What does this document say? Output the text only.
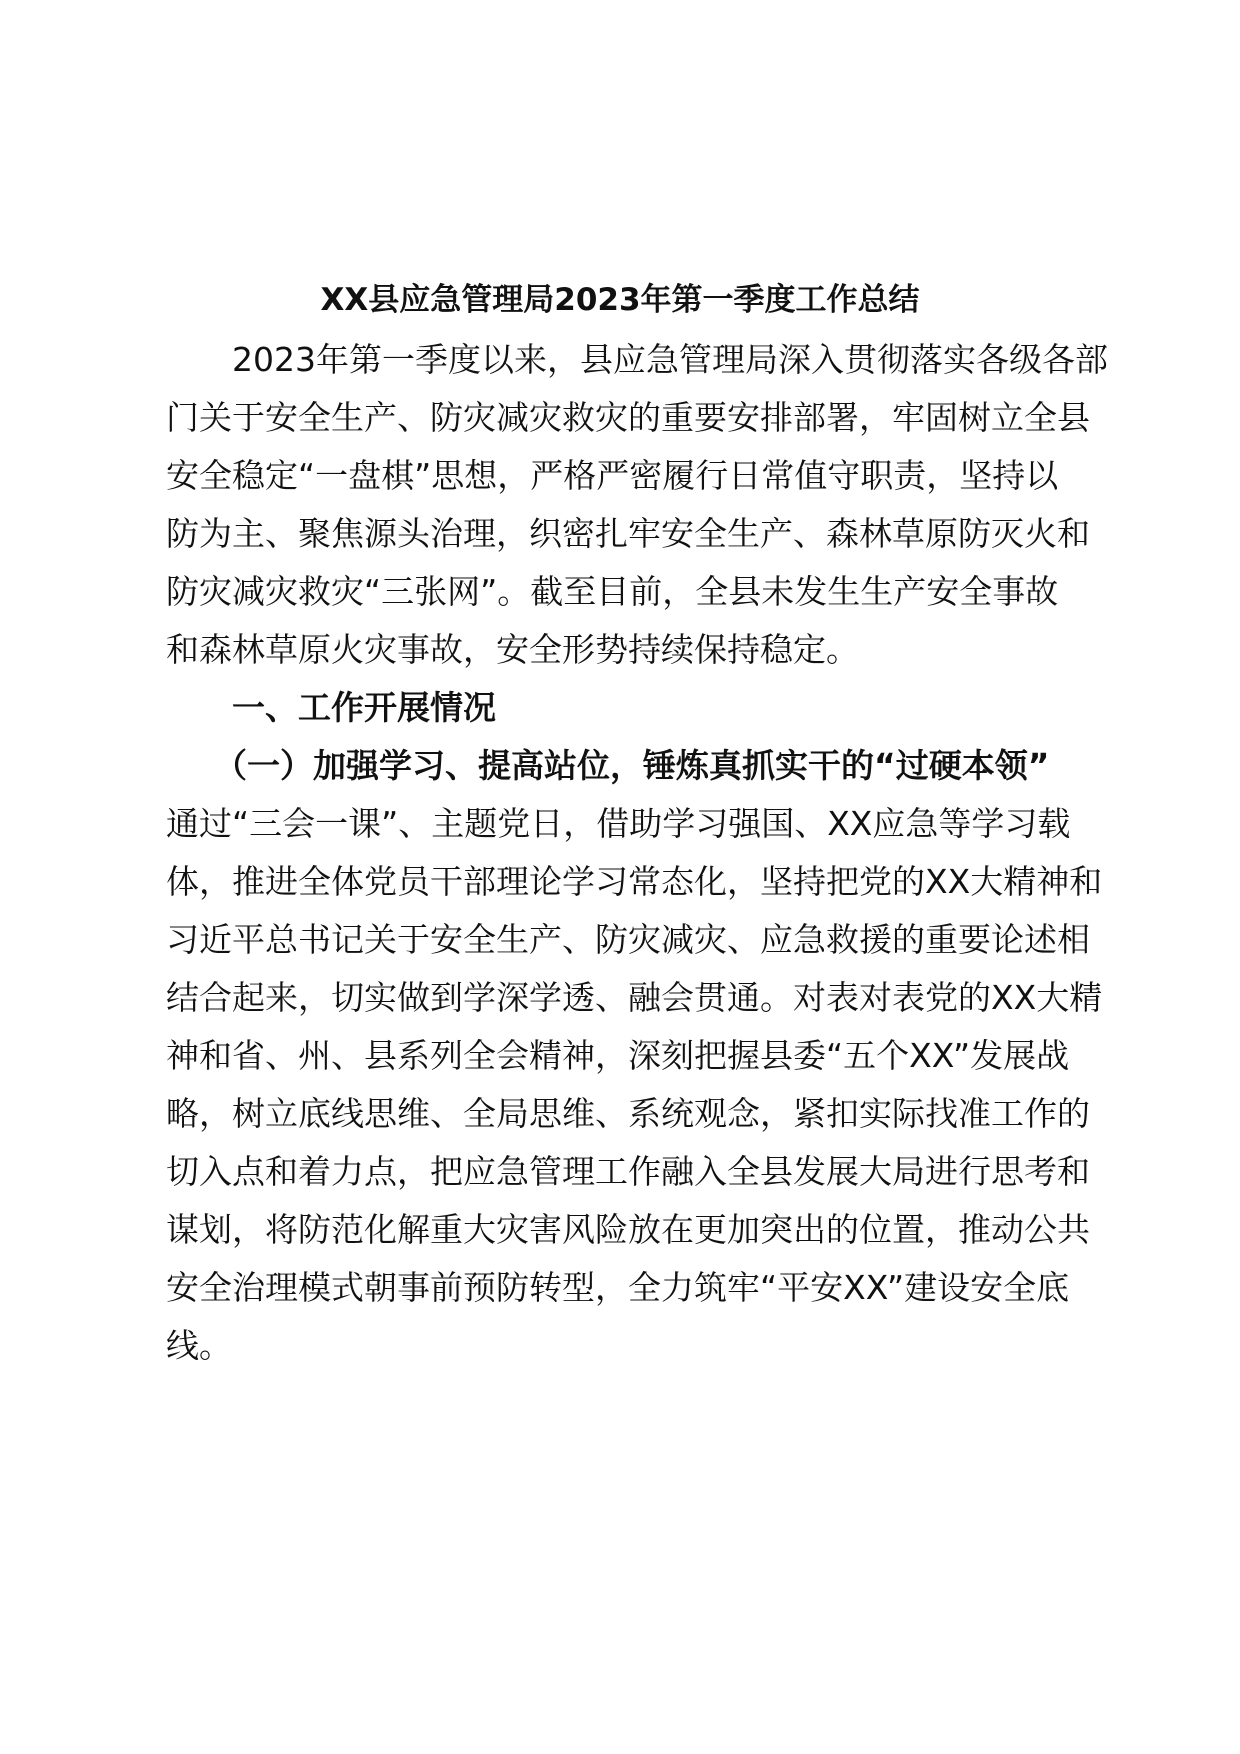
XX县应急管理局2023年第一季度工作总结
2023年第一季度以来，县应急管理局深入贯彻落实各级各部
门关于安全生产、防灾减灾救灾的重要安排部署，牢固树立全县
安全稳定“一盘棋”思想，严格严密履行日常值守职责，坚持以
防为主、聚焦源头治理，织密扎牢安全生产、森林草原防灭火和
防灾减灾救灾“三张网”。截至目前，全县未发生生产安全事故
和森林草原火灾事故，安全形势持续保持稳定。
一、工作开展情况
（一）加强学习、提高站位，锤炼真抓实干的“过硬本领”
通过“三会一课”、主题党日，借助学习强国、XX应急等学习载
体，推进全体党员干部理论学习常态化，坚持把党的XX大精神和
习近平总书记关于安全生产、防灾减灾、应急救援的重要论述相
结合起来，切实做到学深学透、融会贯通。对表对表党的XX大精
神和省、州、县系列全会精神，深刻把握县委“五个XX”发展战
略，树立底线思维、全局思维、系统观念，紧扣实际找准工作的
切入点和着力点，把应急管理工作融入全县发展大局进行思考和
谋划，将防范化解重大灾害风险放在更加突出的位置，推动公共
安全治理模式朝事前预防转型，全力筑牢“平安XX”建设安全底
线。
